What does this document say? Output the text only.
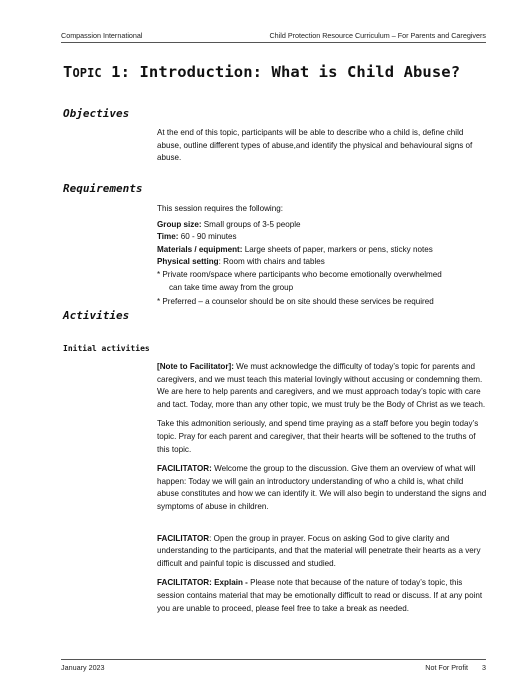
Compassion International	Child Protection Resource Curriculum – For Parents and Caregivers
TOPIC 1: Introduction: What is Child Abuse?
Objectives

At the end of this topic, participants will be able to describe who a child is, define child abuse, outline different types of abuse,and identify the physical and behavioural signs of abuse.

Requirements

This session requires the following:

Group size: Small groups of 3-5 people

Time: 60 - 90 minutes

Materials / equipment: Large sheets of paper, markers or pens, sticky notes

Physical setting: Room with chairs and tables

* Private room/space where participants who become emotionally overwhelmed
can take time away from the group

* Preferred – a counselor should be on site should these services be required

Activities
Initial activities

[Note to Facilitator]: We must acknowledge the difficulty of today’s topic for parents and caregivers, and we must teach this material lovingly without accusing or condemning them. We are here to help parents and caregivers, and we must approach today’s topic with care and tact. Today, more than any other topic, we must truly be the Body of Christ as we teach.

Take this admonition seriously, and spend time praying as a staff before you begin today’s topic. Pray for each parent and caregiver, that their hearts will be softened to the truths of this topic.

FACILITATOR: Welcome the group to the discussion. Give them an overview of what will happen: Today we will gain an introductory understanding of who a child is, what child abuse constitutes and how we can identify it. We will also begin to understand the signs and symptoms of abuse in children.

FACILITATOR: Open the group in prayer. Focus on asking God to give clarity and understanding to the participants, and that the material will penetrate their hearts as a very difficult and painful topic is discussed and studied.

FACILITATOR: Explain - Please note that because of the nature of today’s topic, this session contains material that may be emotionally difficult to read or discuss. If at any point you are unable to proceed, please feel free to take a break as needed.

January 2023	Not For Profit 3
